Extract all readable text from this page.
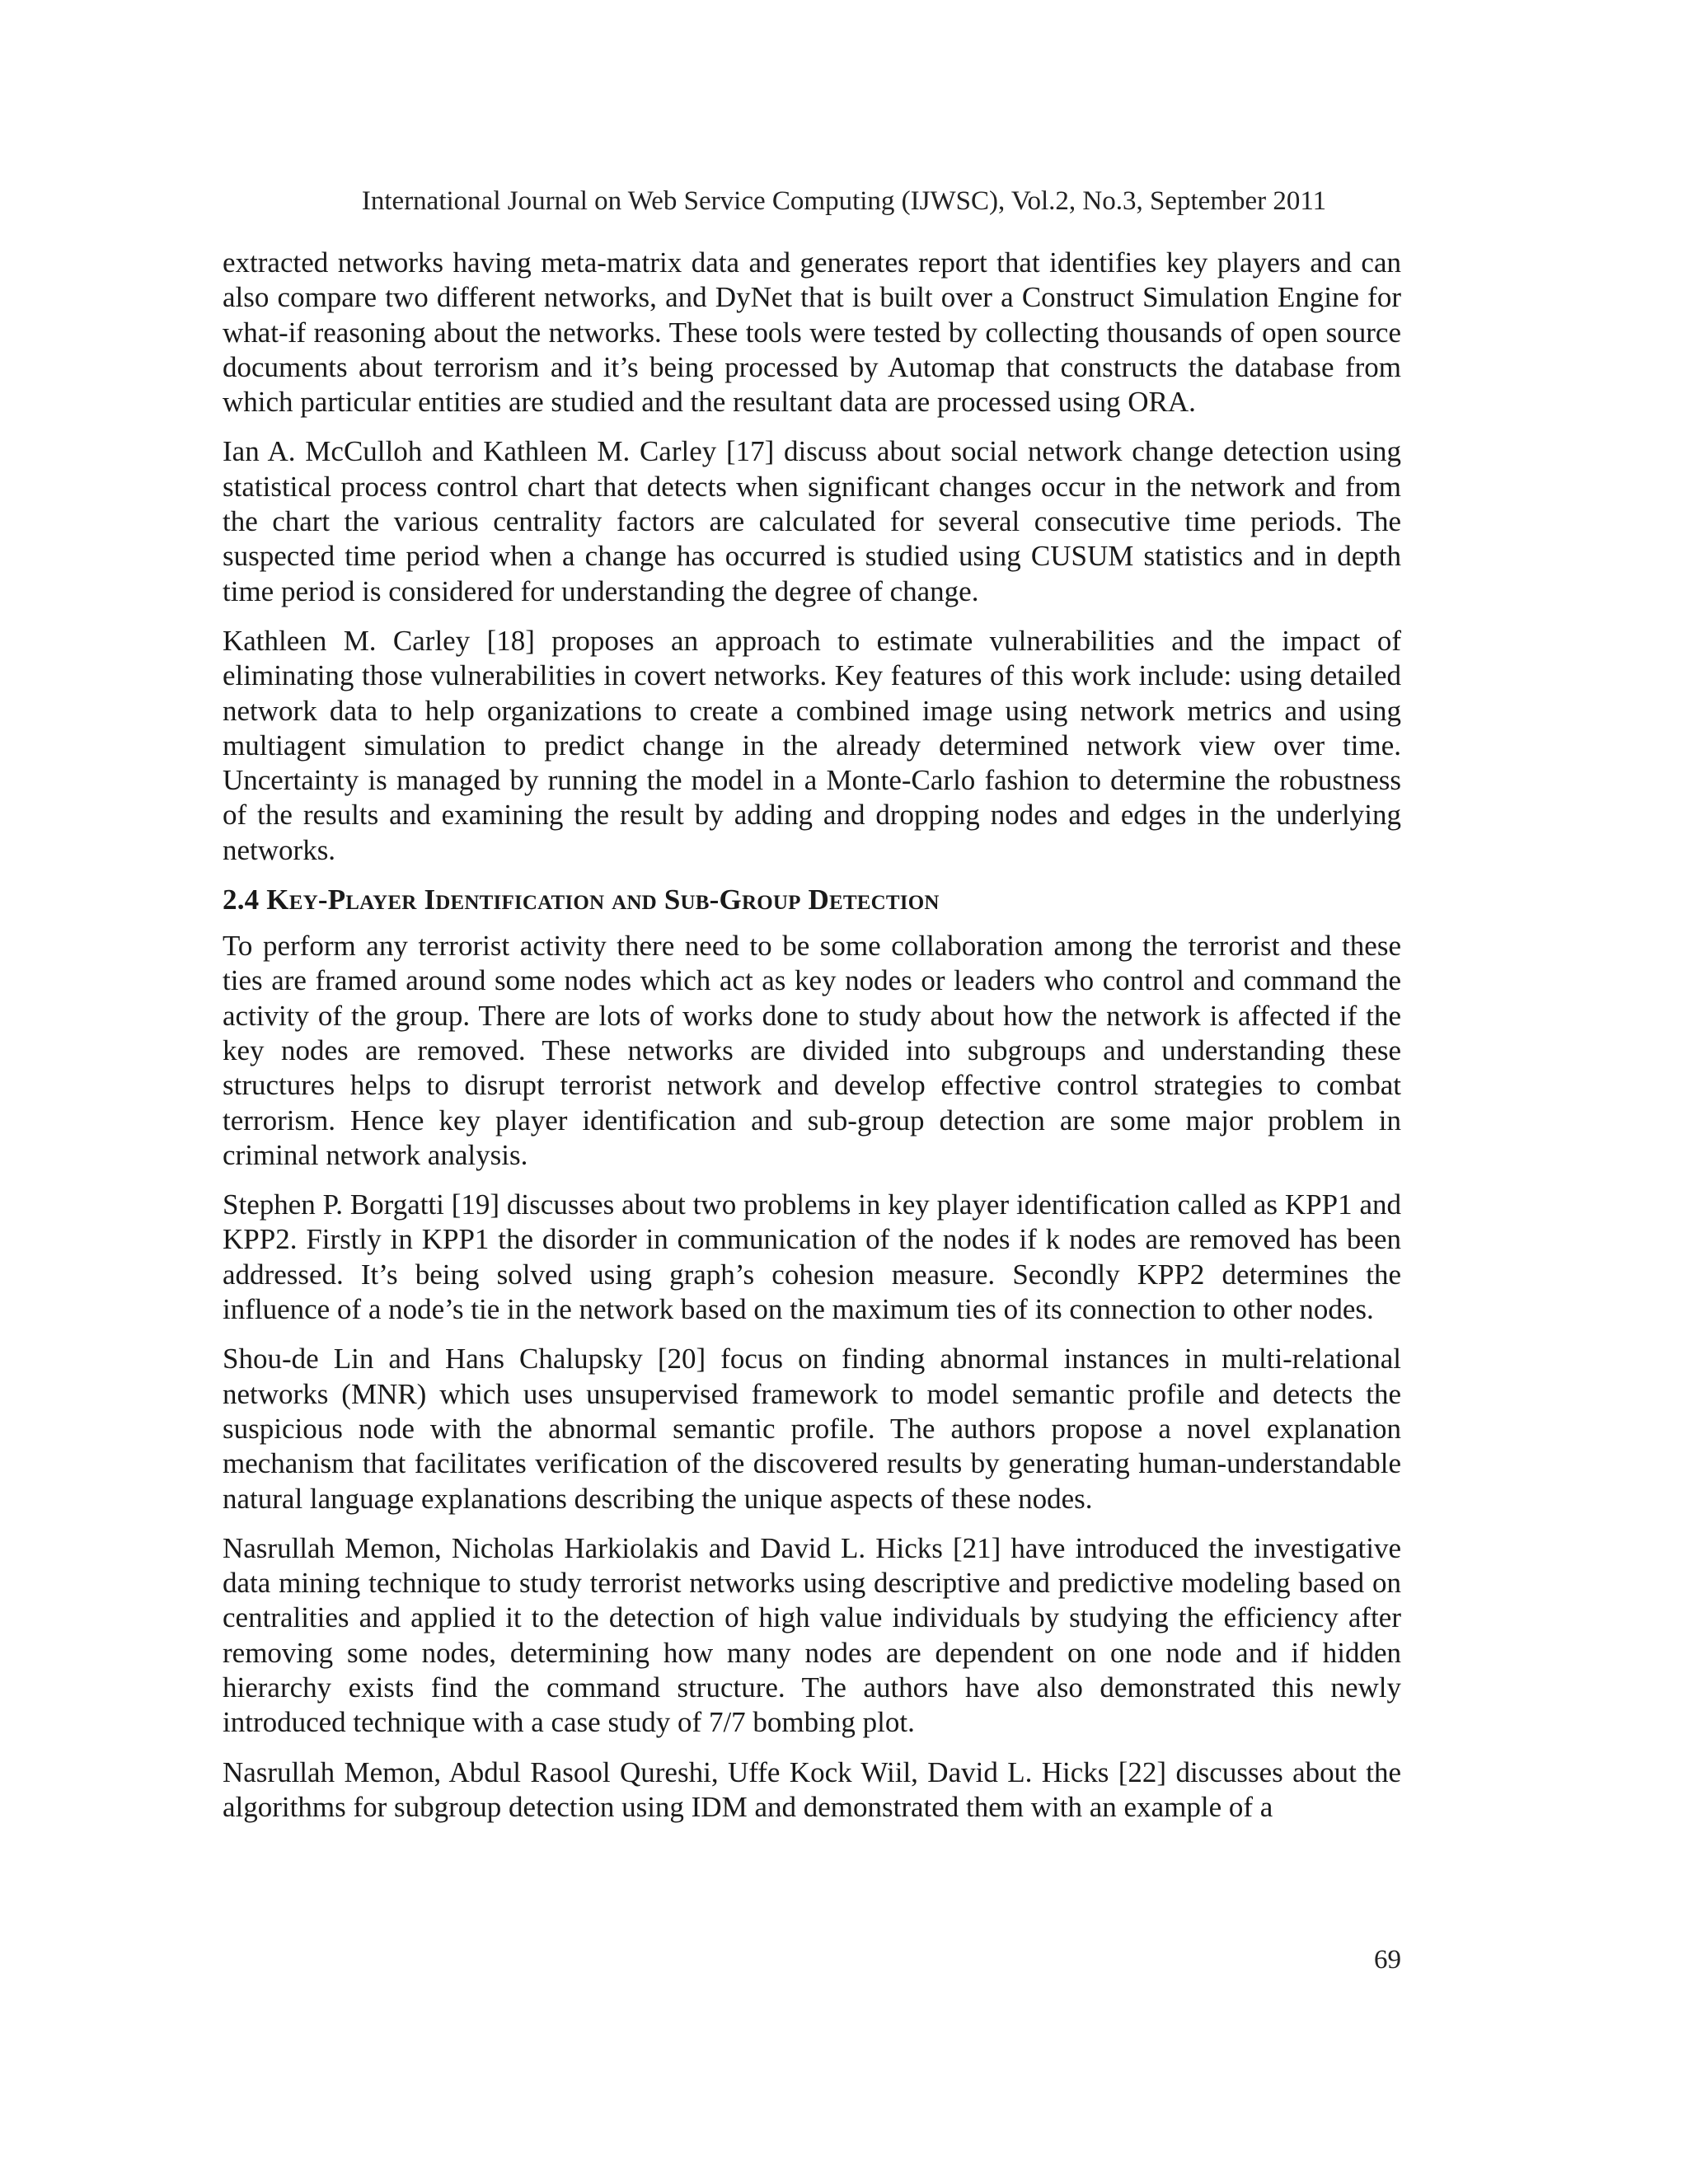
International Journal on Web Service Computing (IJWSC), Vol.2, No.3, September 2011

extracted networks having meta-matrix data and generates report that identifies key players and can also compare two different networks, and DyNet that is built over a Construct Simulation Engine for what-if reasoning about the networks. These tools were tested by collecting thousands of open source documents about terrorism and it’s being processed by Automap that constructs the database from which particular entities are studied and the resultant data are processed using ORA.

Ian A. McCulloh and Kathleen M. Carley [17] discuss about social network change detection using statistical process control chart that detects when significant changes occur in the network and from the chart the various centrality factors are calculated for several consecutive time periods. The suspected time period when a change has occurred is studied using CUSUM statistics and in depth time period is considered for understanding the degree of change.

Kathleen M. Carley [18] proposes an approach to estimate vulnerabilities and the impact of eliminating those vulnerabilities in covert networks. Key features of this work include: using detailed network data to help organizations to create a combined image using network metrics and using multiagent simulation to predict change in the already determined network view over time. Uncertainty is managed by running the model in a Monte-Carlo fashion to determine the robustness of the results and examining the result by adding and dropping nodes and edges in the underlying networks.

2.4 Key-Player Identification and Sub-Group Detection

To perform any terrorist activity there need to be some collaboration among the terrorist and these ties are framed around some nodes which act as key nodes or leaders who control and command the activity of the group. There are lots of works done to study about how the network is affected if the key nodes are removed. These networks are divided into subgroups and understanding these structures helps to disrupt terrorist network and develop effective control strategies to combat terrorism. Hence key player identification and sub-group detection are some major problem in criminal network analysis.

Stephen P. Borgatti [19] discusses about two problems in key player identification called as KPP1 and KPP2. Firstly in KPP1 the disorder in communication of the nodes if k nodes are removed has been addressed. It’s being solved using graph’s cohesion measure. Secondly KPP2 determines the influence of a node’s tie in the network based on the maximum ties of its connection to other nodes.

Shou-de Lin and Hans Chalupsky [20] focus on finding abnormal instances in multi-relational networks (MNR) which uses unsupervised framework to model semantic profile and detects the suspicious node with the abnormal semantic profile. The authors propose a novel explanation mechanism that facilitates verification of the discovered results by generating human-understandable natural language explanations describing the unique aspects of these nodes.

Nasrullah Memon, Nicholas Harkiolakis and David L. Hicks [21] have introduced the investigative data mining technique to study terrorist networks using descriptive and predictive modeling based on centralities and applied it to the detection of high value individuals by studying the efficiency after removing some nodes, determining how many nodes are dependent on one node and if hidden hierarchy exists find the command structure. The authors have also demonstrated this newly introduced technique with a case study of 7/7 bombing plot.

Nasrullah Memon, Abdul Rasool Qureshi, Uffe Kock Wiil, David L. Hicks [22] discusses about the algorithms for subgroup detection using IDM and demonstrated them with an example of a

69
